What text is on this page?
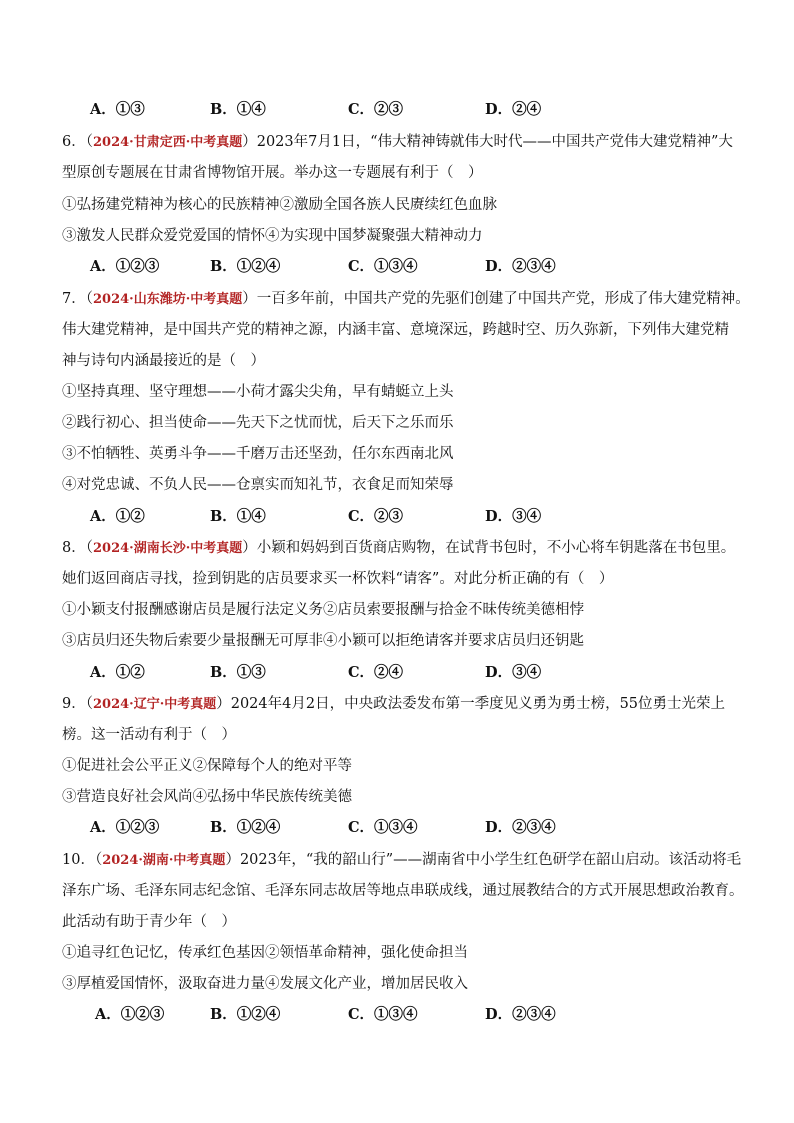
A．①③	B．①④	C．②③	D．②④
6．（2024·甘肃定西·中考真题）2023年7月1日，“伟大精神铸就伟大时代——中国共产党伟大建党精神”大
型原创专题展在甘肃省博物馆开展。举办这一专题展有利于（　）
①弘扬建党精神为核心的民族精神②激励全国各族人民赓续红色血脉
③激发人民群众爱党爱国的情怀④为实现中国梦凝聚强大精神动力
A．①②③	B．①②④	C．①③④	D．②③④
7．（2024·山东潍坊·中考真题）一百多年前，中国共产党的先驱们创建了中国共产党，形成了伟大建党精神。
伟大建党精神，是中国共产党的精神之源，内涵丰富、意境深远，跨越时空、历久弥新，下列伟大建党精
神与诗句内涵最接近的是（　）
①坚持真理、坚守理想——小荷才露尖尖角，早有蜻蜓立上头
②践行初心、担当使命——先天下之忧而忧，后天下之乐而乐
③不怕牺牲、英勇斗争——千磨万击还坚劲，任尔东西南北风
④对党忠诚、不负人民——仓禀实而知礼节，衣食足而知荣辱
A．①②	B．①④	C．②③	D．③④
8．（2024·湖南长沙·中考真题）小颖和妈妈到百货商店购物，在试背书包时，不小心将车钥匙落在书包里。
她们返回商店寻找，捡到钥匙的店员要求买一杯饮料“请客”。对此分析正确的有（　）
①小颖支付报酬感谢店员是履行法定义务②店员索要报酬与拾金不昧传统美德相悖
③店员归还失物后索要少量报酬无可厚非④小颖可以拒绝请客并要求店员归还钥匙
A．①②	B．①③	C．②④	D．③④
9．（2024·辽宁·中考真题）2024年4月2日，中央政法委发布第一季度见义勇为勇士榜，55位勇士光荣上
榜。这一活动有利于（　）
①促进社会公平正义②保障每个人的绝对平等
③营造良好社会风尚④弘扬中华民族传统美德
A．①②③	B．①②④	C．①③④	D．②③④
10．（2024·湖南·中考真题）2023年，“我的韶山行”——湖南省中小学生红色研学在韶山启动。该活动将毛
泽东广场、毛泽东同志纪念馆、毛泽东同志故居等地点串联成线，通过展教结合的方式开展思想政治教育。
此活动有助于青少年（　）
①追寻红色记忆，传承红色基因②领悟革命精神，强化使命担当
③厚植爱国情怀，汲取奋进力量④发展文化产业，增加居民收入
A．①②③	B．①②④	C．①③④	D．②③④
